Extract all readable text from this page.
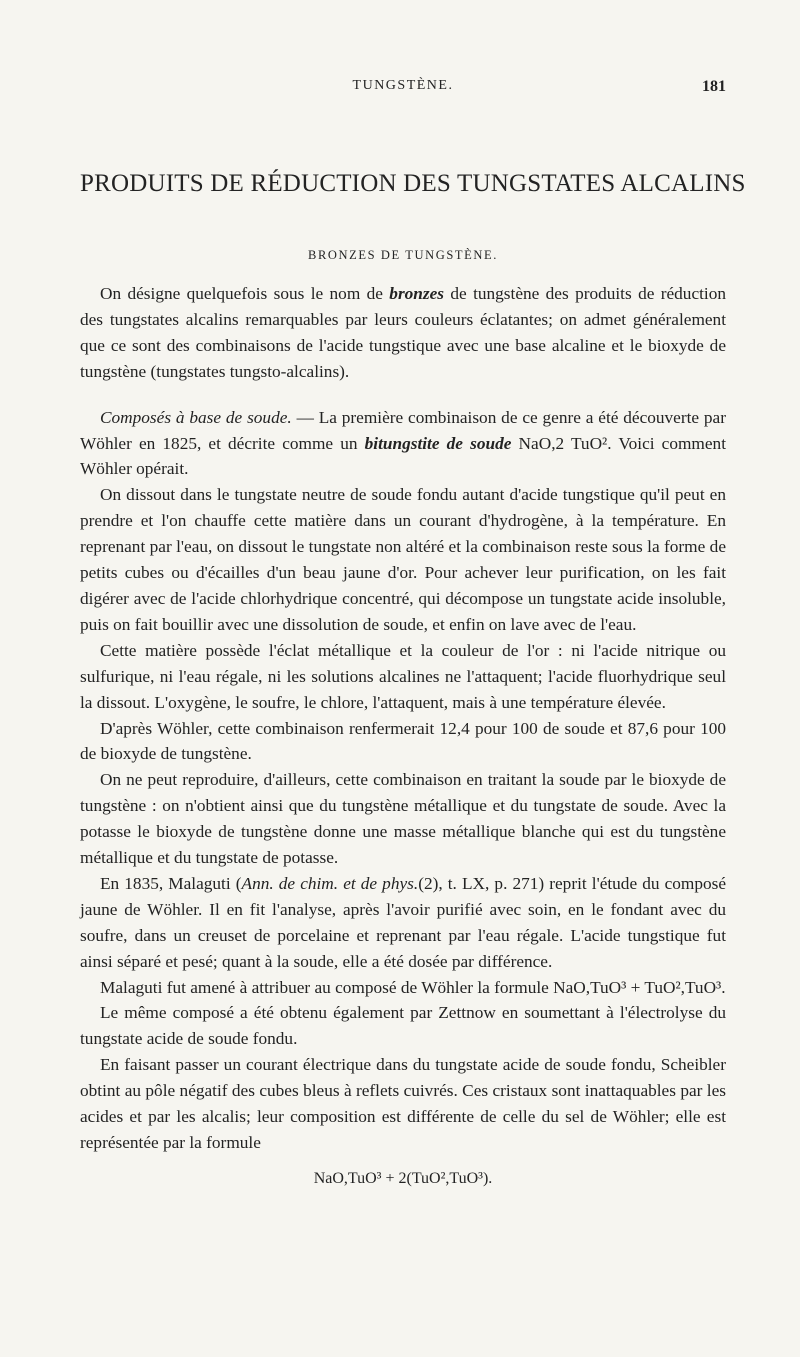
TUNGSTÈNE.	181
PRODUITS DE RÉDUCTION DES TUNGSTATES ALCALINS
BRONZES DE TUNGSTÈNE.

On désigne quelquefois sous le nom de bronzes de tungstène des produits de réduction des tungstates alcalins remarquables par leurs couleurs éclatantes; on admet généralement que ce sont des combinaisons de l'acide tungstique avec une base alcaline et le bioxyde de tungstène (tungstates tungsto-alcalins).

Composés à base de soude. — La première combinaison de ce genre a été découverte par Wöhler en 1825, et décrite comme un bitungstite de soude NaO,2 TuO². Voici comment Wöhler opérait.

On dissout dans le tungstate neutre de soude fondu autant d'acide tungstique qu'il peut en prendre et l'on chauffe cette matière dans un courant d'hydrogène, à la température. En reprenant par l'eau, on dissout le tungstate non altéré et la combinaison reste sous la forme de petits cubes ou d'écailles d'un beau jaune d'or. Pour achever leur purification, on les fait digérer avec de l'acide chlorhydrique concentré, qui décompose un tungstate acide insoluble, puis on fait bouillir avec une dissolution de soude, et enfin on lave avec de l'eau.

Cette matière possède l'éclat métallique et la couleur de l'or : ni l'acide nitrique ou sulfurique, ni l'eau régale, ni les solutions alcalines ne l'attaquent; l'acide fluorhydrique seul la dissout. L'oxygène, le soufre, le chlore, l'attaquent, mais à une température élevée.

D'après Wöhler, cette combinaison renfermerait 12,4 pour 100 de soude et 87,6 pour 100 de bioxyde de tungstène.

On ne peut reproduire, d'ailleurs, cette combinaison en traitant la soude par le bioxyde de tungstène : on n'obtient ainsi que du tungstène métallique et du tungstate de soude. Avec la potasse le bioxyde de tungstène donne une masse métallique blanche qui est du tungstène métallique et du tungstate de potasse.

En 1835, Malaguti (Ann. de chim. et de phys.(2), t. LX, p. 271) reprit l'étude du composé jaune de Wöhler. Il en fit l'analyse, après l'avoir purifié avec soin, en le fondant avec du soufre, dans un creuset de porcelaine et reprenant par l'eau régale. L'acide tungstique fut ainsi séparé et pesé; quant à la soude, elle a été dosée par différence.

Malaguti fut amené à attribuer au composé de Wöhler la formule NaO,TuO³ + TuO²,TuO³.

Le même composé a été obtenu également par Zettnow en soumettant à l'électrolyse du tungstate acide de soude fondu.

En faisant passer un courant électrique dans du tungstate acide de soude fondu, Scheibler obtint au pôle négatif des cubes bleus à reflets cuivrés. Ces cristaux sont inattaquables par les acides et par les alcalis; leur composition est différente de celle du sel de Wöhler; elle est représentée par la formule

NaO,TuO³ + 2(TuO²,TuO³).
